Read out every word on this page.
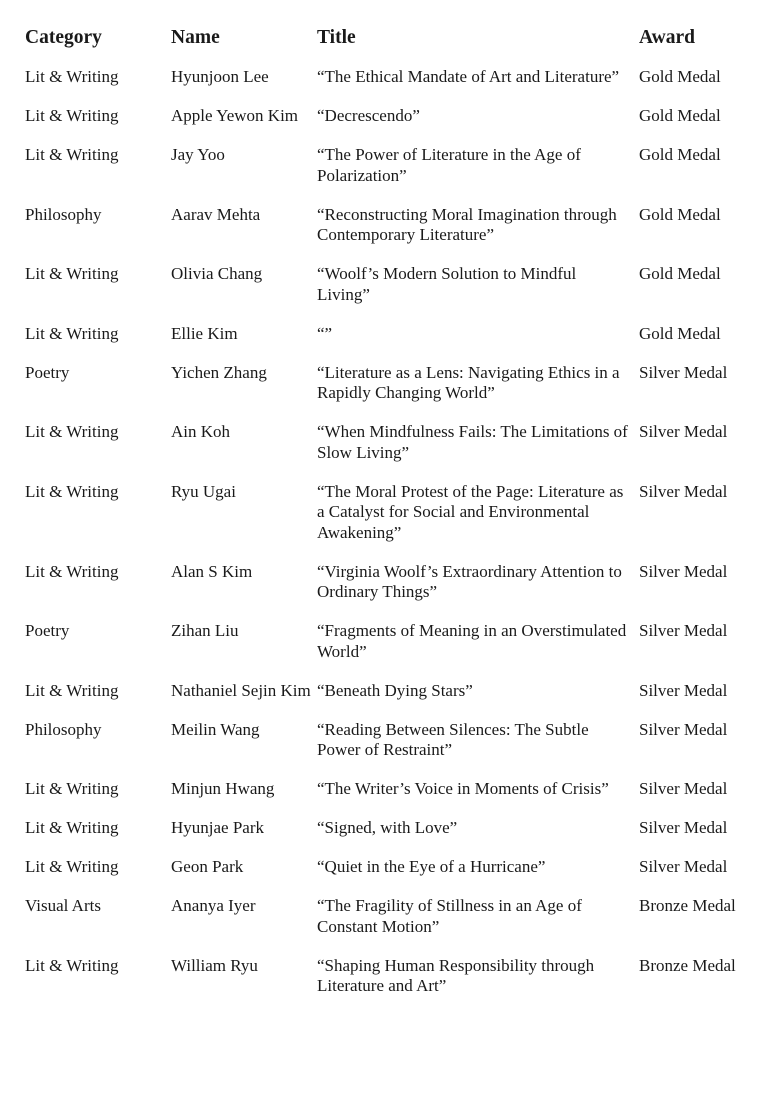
Category	Name	Title	Award
Lit & Writing	Hyunjoon Lee	“The Ethical Mandate of Art and Literature”	Gold Medal
Lit & Writing	Apple Yewon Kim	“Decrescendo”	Gold Medal
Lit & Writing	Jay Yoo	“The Power of Literature in the Age of Polarization”	Gold Medal
Philosophy	Aarav Mehta	“Reconstructing Moral Imagination through Contemporary Literature”	Gold Medal
Lit & Writing	Olivia Chang	“Woolf’s Modern Solution to Mindful Living”	Gold Medal
Lit & Writing	Ellie Kim	“”	Gold Medal
Poetry	Yichen Zhang	“Literature as a Lens: Navigating Ethics in a Rapidly Changing World”	Silver Medal
Lit & Writing	Ain Koh	“When Mindfulness Fails: The Limitations of Slow Living”	Silver Medal
Lit & Writing	Ryu Ugai	“The Moral Protest of the Page: Literature as a Catalyst for Social and Environmental Awakening”	Silver Medal
Lit & Writing	Alan S Kim	“Virginia Woolf’s Extraordinary Attention to Ordinary Things”	Silver Medal
Poetry	Zihan Liu	“Fragments of Meaning in an Overstimulated World”	Silver Medal
Lit & Writing	Nathaniel Sejin Kim	“Beneath Dying Stars”	Silver Medal
Philosophy	Meilin Wang	“Reading Between Silences: The Subtle Power of Restraint”	Silver Medal
Lit & Writing	Minjun Hwang	“The Writer’s Voice in Moments of Crisis”	Silver Medal
Lit & Writing	Hyunjae Park	“Signed, with Love”	Silver Medal
Lit & Writing	Geon Park	“Quiet in the Eye of a Hurricane”	Silver Medal
Visual Arts	Ananya Iyer	“The Fragility of Stillness in an Age of Constant Motion”	Bronze Medal
Lit & Writing	William Ryu	“Shaping Human Responsibility through Literature and Art”	Bronze Medal
